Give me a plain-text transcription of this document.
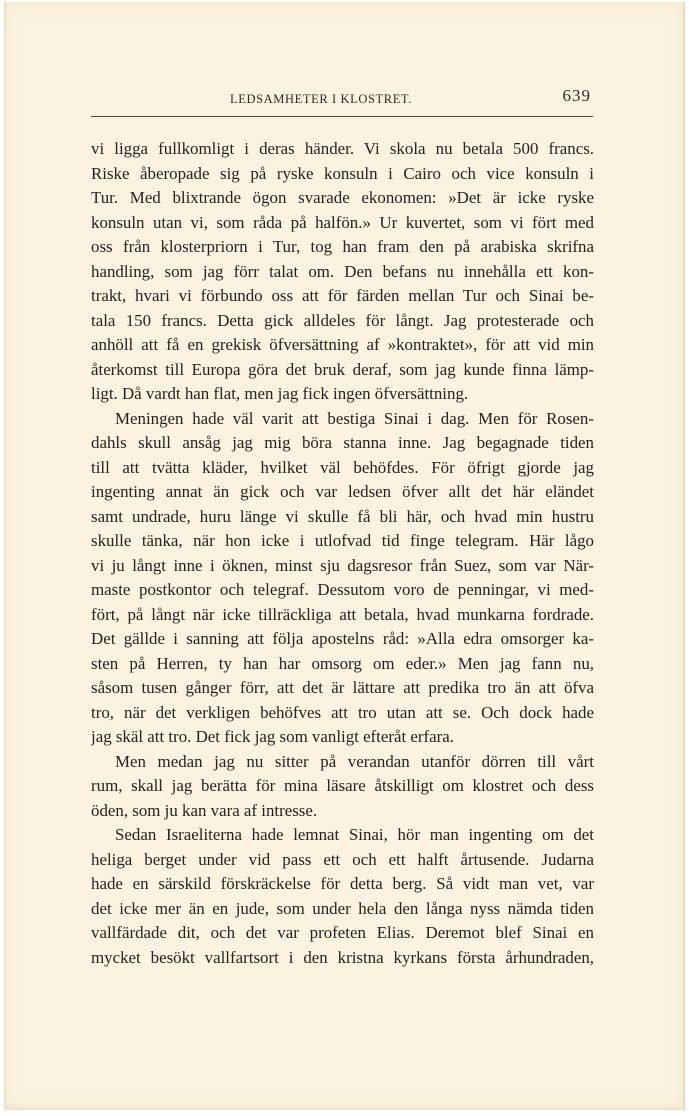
LEDSAMHETER I KLOSTRET.	639
vi ligga fullkomligt i deras händer. Vi skola nu betala 500 francs.
Riske åberopade sig på ryske konsuln i Cairo och vice konsuln i
Tur. Med blixtrande ögon svarade ekonomen: »Det är icke ryske
konsuln utan vi, som råda på halfön.» Ur kuvertet, som vi fört med
oss från klosterpriorn i Tur, tog han fram den på arabiska skrifna
handling, som jag förr talat om. Den befans nu innehålla ett kon-
trakt, hvari vi förbundo oss att för färden mellan Tur och Sinai be-
tala 150 francs. Detta gick alldeles för långt. Jag protesterade och
anhöll att få en grekisk öfversättning af »kontraktet», för att vid min
återkomst till Europa göra det bruk deraf, som jag kunde finna lämp-
ligt. Då vardt han flat, men jag fick ingen öfversättning.
Meningen hade väl varit att bestiga Sinai i dag. Men för Rosen-
dahls skull ansåg jag mig böra stanna inne. Jag begagnade tiden
till att tvätta kläder, hvilket väl behöfdes. För öfrigt gjorde jag
ingenting annat än gick och var ledsen öfver allt det här eländet
samt undrade, huru länge vi skulle få bli här, och hvad min hustru
skulle tänka, när hon icke i utlofvad tid finge telegram. Här lågo
vi ju långt inne i öknen, minst sju dagsresor från Suez, som var När-
maste postkontor och telegraf. Dessutom voro de penningar, vi med-
fört, på långt när icke tillräckliga att betala, hvad munkarna fordrade.
Det gällde i sanning att följa apostelns råd: »Alla edra omsorger ka-
sten på Herren, ty han har omsorg om eder.» Men jag fann nu,
såsom tusen gånger förr, att det är lättare att predika tro än att öfva
tro, när det verkligen behöfves att tro utan att se. Och dock hade
jag skäl att tro. Det fick jag som vanligt efteråt erfara.
Men medan jag nu sitter på verandan utanför dörren till vårt
rum, skall jag berätta för mina läsare åtskilligt om klostret och dess
öden, som ju kan vara af intresse.
Sedan Israeliterna hade lemnat Sinai, hör man ingenting om det
heliga berget under vid pass ett och ett halft årtusende. Judarna
hade en särskild förskräckelse för detta berg. Så vidt man vet, var
det icke mer än en jude, som under hela den långa nyss nämda tiden
vallfärdade dit, och det var profeten Elias. Deremot blef Sinai en
mycket besökt vallfartsort i den kristna kyrkans första århundraden,
